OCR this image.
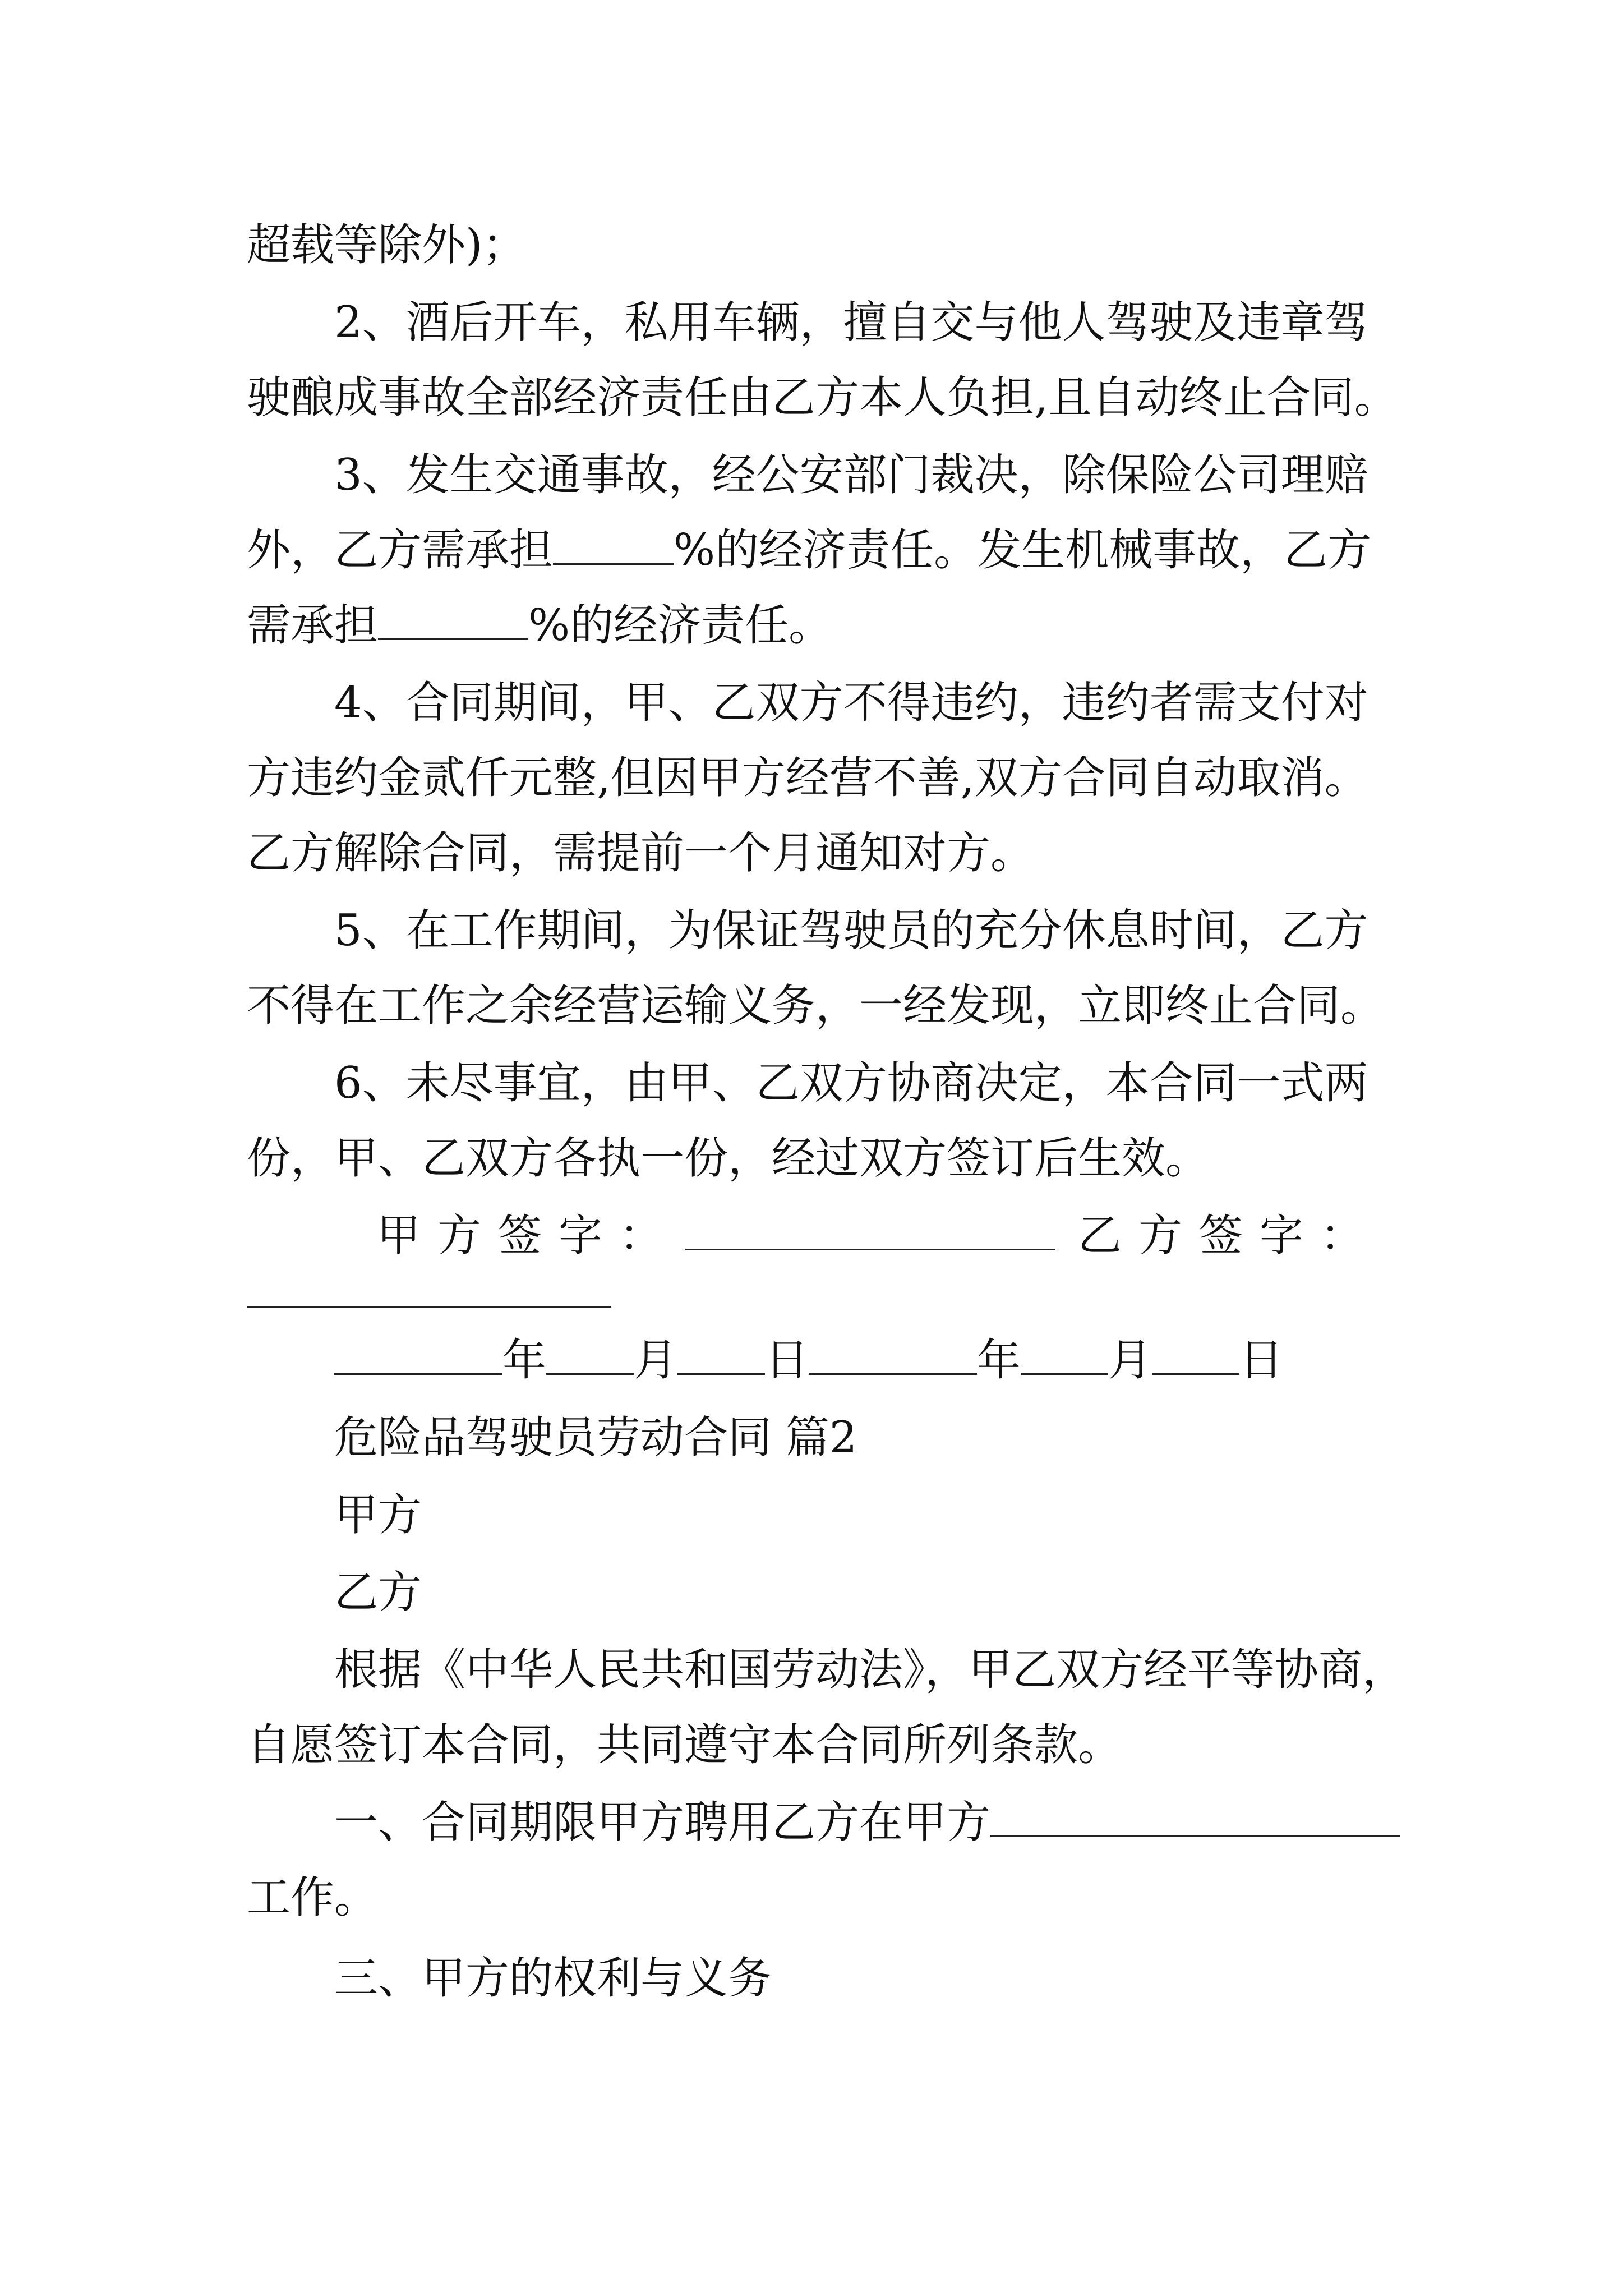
超载等除外)；
2、酒后开车，私用车辆，擅自交与他人驾驶及违章驾
驶酿成事故全部经济责任由乙方本人负担,且自动终止合同。
3、发生交通事故，经公安部门裁决，除保险公司理赔
外，乙方需承担	%的经济责任。发生机械事故，乙方
需承担	%的经济责任。
4、合同期间，甲、乙双方不得违约，违约者需支付对
方违约金贰仟元整,但因甲方经营不善,双方合同自动取消。
乙方解除合同，需提前一个月通知对方。
5、在工作期间，为保证驾驶员的充分休息时间，乙方
不得在工作之余经营运输义务，一经发现，立即终止合同。
6、未尽事宜，由甲、乙双方协商决定，本合同一式两
份，甲、乙双方各执一份，经过双方签订后生效。
甲方签字：	乙方签字：
年 月 日	年 月 日
危险品驾驶员劳动合同 篇2
甲方
乙方
根据《中华人民共和国劳动法》，甲乙双方经平等协商，
自愿签订本合同，共同遵守本合同所列条款。
一、合同期限甲方聘用乙方在甲方
工作。
三、甲方的权利与义务
